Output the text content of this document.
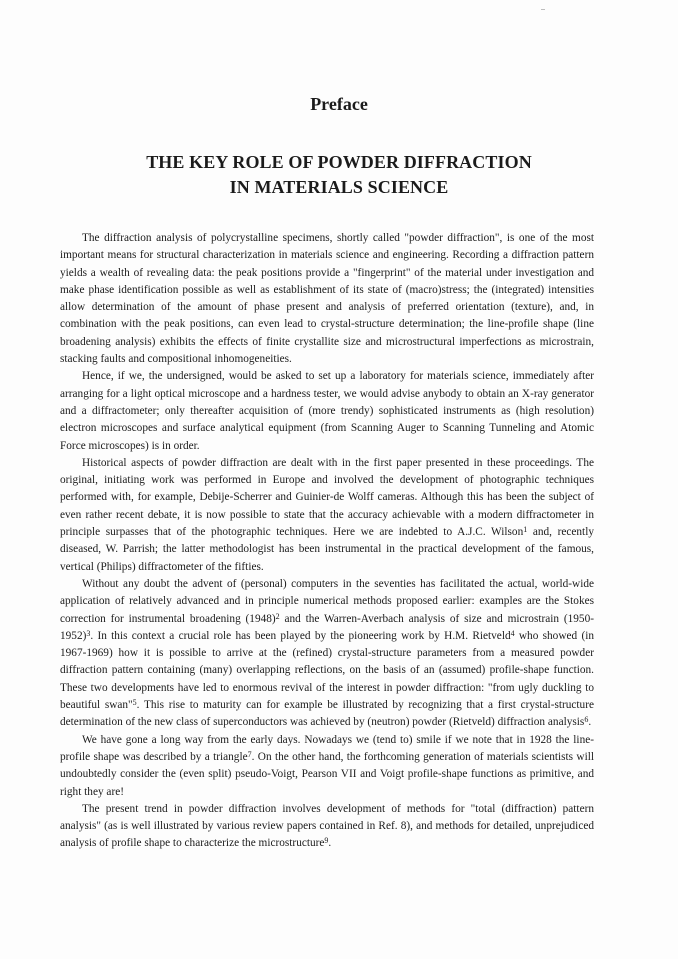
Preface
THE KEY ROLE OF POWDER DIFFRACTION
IN MATERIALS SCIENCE

The diffraction analysis of polycrystalline specimens, shortly called "powder diffraction", is one of the most important means for structural characterization in materials science and engineering. Recording a diffraction pattern yields a wealth of revealing data: the peak positions provide a "fingerprint" of the material under investigation and make phase identification possible as well as establishment of its state of (macro)stress; the (integrated) intensities allow determination of the amount of phase present and analysis of preferred orientation (texture), and, in combination with the peak positions, can even lead to crystal-structure determination; the line-profile shape (line broadening analysis) exhibits the effects of finite crystallite size and microstructural imperfections as microstrain, stacking faults and compositional inhomogeneities.

Hence, if we, the undersigned, would be asked to set up a laboratory for materials science, immediately after arranging for a light optical microscope and a hardness tester, we would advise anybody to obtain an X-ray generator and a diffractometer; only thereafter acquisition of (more trendy) sophisticated instruments as (high resolution) electron microscopes and surface analytical equipment (from Scanning Auger to Scanning Tunneling and Atomic Force microscopes) is in order.

Historical aspects of powder diffraction are dealt with in the first paper presented in these proceedings. The original, initiating work was performed in Europe and involved the development of photographic techniques performed with, for example, Debije-Scherrer and Guinier-de Wolff cameras. Although this has been the subject of even rather recent debate, it is now possible to state that the accuracy achievable with a modern diffractometer in principle surpasses that of the photographic techniques. Here we are indebted to A.J.C. Wilson$^1$ and, recently diseased, W. Parrish; the latter methodologist has been instrumental in the practical development of the famous, vertical (Philips) diffractometer of the fifties.

Without any doubt the advent of (personal) computers in the seventies has facilitated the actual, world-wide application of relatively advanced and in principle numerical methods proposed earlier: examples are the Stokes correction for instrumental broadening $(1948)^2$ and the Warren-Averbach analysis of size and microstrain (1950-1952)$^3$. In this context a crucial role has been played by the pioneering work by H.M. Rietveld$^4$ who showed (in 1967-1969) how it is possible to arrive at the (refined) crystal-structure parameters from a measured powder diffraction pattern containing (many) overlapping reflections, on the basis of an (assumed) profile-shape function. These two developments have led to enormous revival of the interest in powder diffraction: "from ugly duckling to beautiful swan"$^5$. This rise to maturity can for example be illustrated by recognizing that a first crystal-structure determination of the new class of superconductors was achieved by (neutron) powder (Rietveld) diffraction analysis$^6$.

We have gone a long way from the early days. Nowadays we (tend to) smile if we note that in 1928 the line-profile shape was described by a triangle$^7$. On the other hand, the forthcoming generation of materials scientists will undoubtedly consider the (even split) pseudo-Voigt, Pearson VII and Voigt profile-shape functions as primitive, and right they are!

The present trend in powder diffraction involves development of methods for "total (diffraction) pattern analysis" (as is well illustrated by various review papers contained in Ref. 8), and methods for detailed, unprejudiced analysis of profile shape to characterize the microstructure$^9$.
